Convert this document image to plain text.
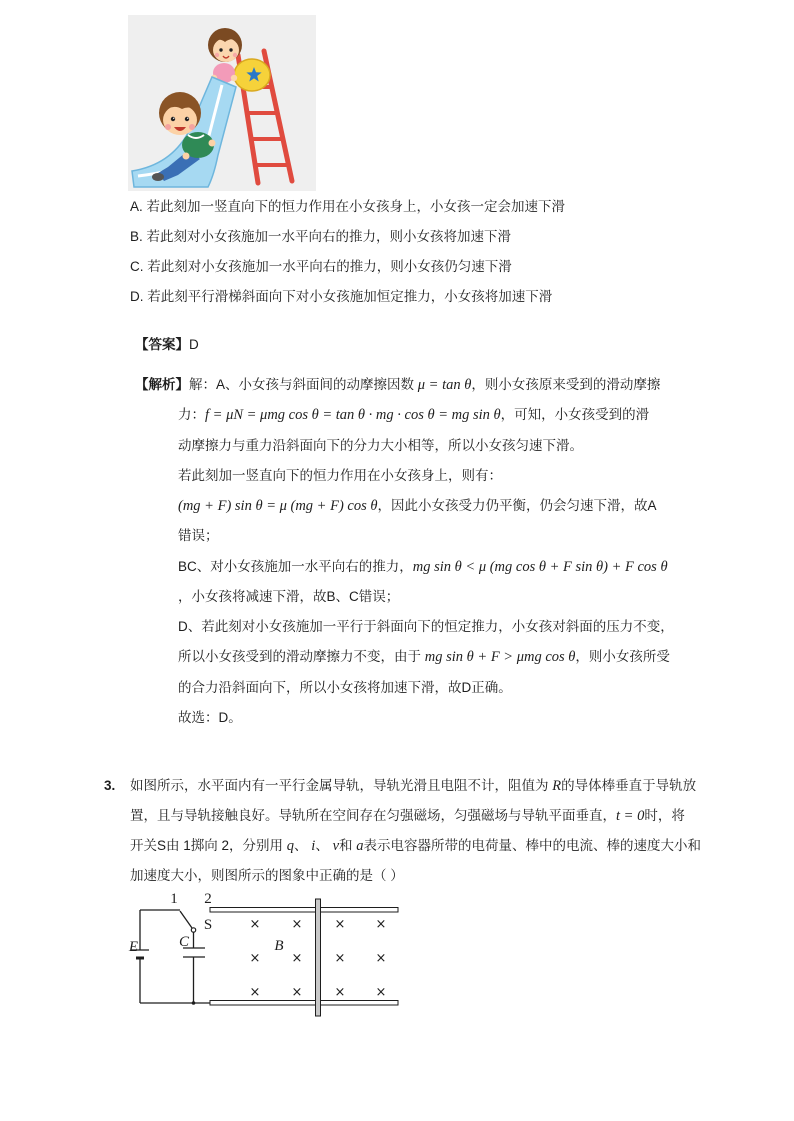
A. 若此刻加一竖直向下的恒力作用在小女孩身上，小女孩一定会加速下滑
B. 若此刻对小女孩施加一水平向右的推力，则小女孩将加速下滑
C. 若此刻对小女孩施加一水平向右的推力，则小女孩仍匀速下滑
D. 若此刻平行滑梯斜面向下对小女孩施加恒定推力，小女孩将加速下滑
【答案】D
【解析】解：A、小女孩与斜面间的动摩擦因数 μ = tan θ，则小女孩原来受到的滑动摩擦
力：f = μN = μmg cos θ = tan θ · mg · cos θ = mg sin θ，可知，小女孩受到的滑
动摩擦力与重力沿斜面向下的分力大小相等，所以小女孩匀速下滑。
若此刻加一竖直向下的恒力作用在小女孩身上，则有：
(mg + F) sin θ = μ (mg + F) cos θ，因此小女孩受力仍平衡，仍会匀速下滑，故A
错误；
BC、对小女孩施加一水平向右的推力，mg sin θ < μ (mg cos θ + F sin θ) + F cos θ
，小女孩将减速下滑，故B、C错误；
D、若此刻对小女孩施加一平行于斜面向下的恒定推力，小女孩对斜面的压力不变，
所以小女孩受到的滑动摩擦力不变，由于 mg sin θ + F > μmg cos θ，则小女孩所受
的合力沿斜面向下，所以小女孩将加速下滑，故D正确。
故选：D。
3. 如图所示，水平面内有一平行金属导轨，导轨光滑且电阻不计，阻值为 R的导体棒垂直于导轨放
置，且与导轨接触良好。导轨所在空间存在匀强磁场，匀强磁场与导轨平面垂直，t = 0时，将
开关S由 1掷向 2，分别用 q、 i、 v和 a表示电容器所带的电荷量、棒中的电流、棒的速度大小和
加速度大小，则图所示的图象中正确的是（ ）
1 2
S
E	C	B
× × × ×
× × × ×
× × × ×
